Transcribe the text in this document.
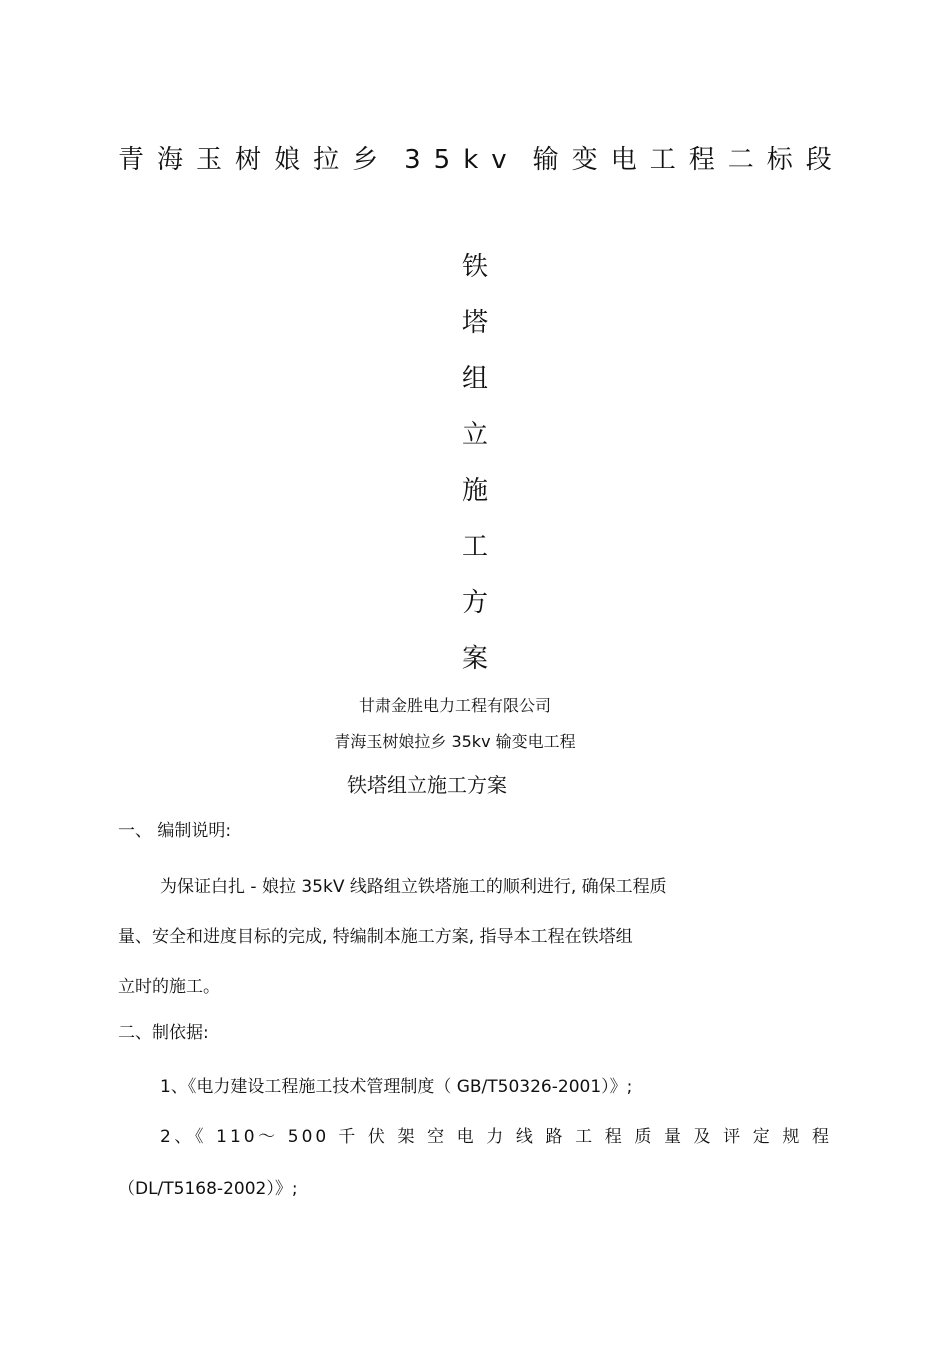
青 海 玉 树 娘 拉 乡 3 5 k v 输 变 电 工 程 二 标 段
铁
塔
组
立
施
工
方
案
甘肃金胜电力工程有限公司
青海玉树娘拉乡 35kv 输变电工程
铁塔组立施工方案
一、 编制说明:
为保证白扎 - 娘拉 35kV 线路组立铁塔施工的顺利进行, 确保工程质
量、安全和进度目标的完成, 特编制本施工方案, 指导本工程在铁塔组
立时的施工。
二、制依据:
1、《电力建设工程施工技术管理制度（ GB/T50326-2001）》;
2、《 110～ 500 千 伏 架 空 电 力 线 路 工 程 质 量 及 评 定 规 程
（DL/T5168-2002）》;
